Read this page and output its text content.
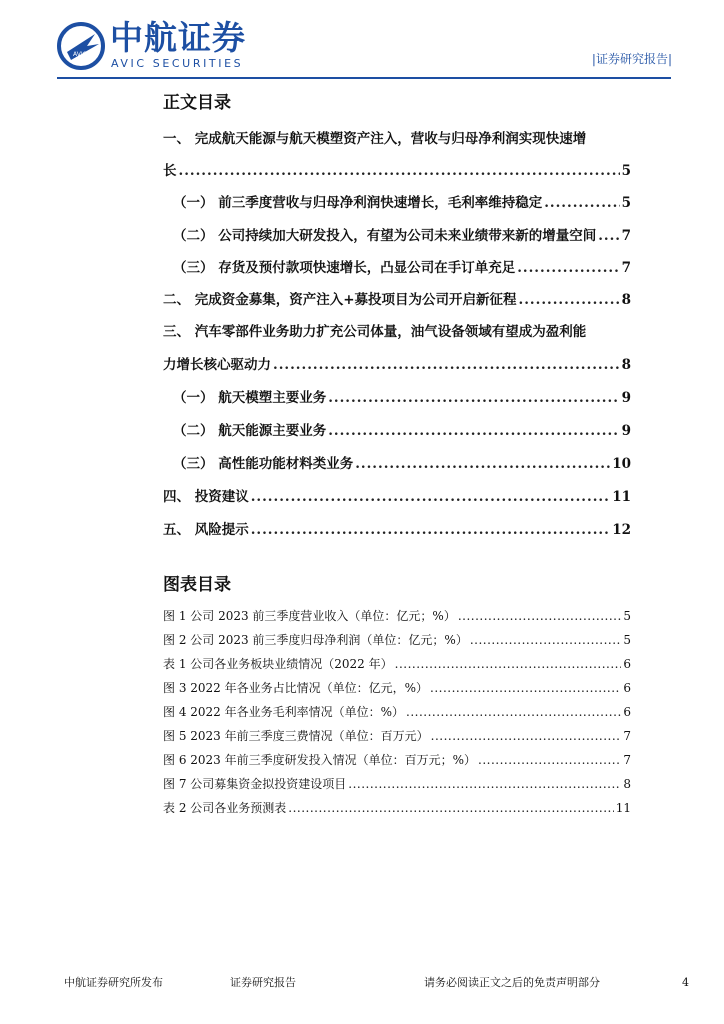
AVIC 中航证券
AVIC SECURITIES	|证券研究报告|
正文目录
一、 完成航天能源与航天模塑资产注入，营收与归母净利润实现快速增
长 .....	5
（一） 前三季度营收与归母净利润快速增长，毛利率维持稳定 .....	5
（二） 公司持续加大研发投入，有望为公司未来业绩带来新的增量空间 ..... 7
（三） 存货及预付款项快速增长，凸显公司在手订单充足 .....	7
二、 完成资金募集，资产注入+募投项目为公司开启新征程 .....	8
三、 汽车零部件业务助力扩充公司体量，油气设备领域有望成为盈利能
力增长核心驱动力 .....	8
（一） 航天模塑主要业务 .....	9
（二） 航天能源主要业务 .....	9
（三） 高性能功能材料类业务 .....	10
四、 投资建议 .....	11
五、 风险提示 .....	12
图表目录
图 1 公司 2023 前三季度营业收入（单位：亿元；%） .....	5
图 2 公司 2023 前三季度归母净利润（单位：亿元；%） .....	5
表 1 公司各业务板块业绩情况（2022 年） .....	6
图 3 2022 年各业务占比情况（单位：亿元，%） .....	6
图 4 2022 年各业务毛利率情况（单位：%） .....	6
图 5 2023 年前三季度三费情况（单位：百万元） .....	7
图 6 2023 年前三季度研发投入情况（单位：百万元；%） .....	7
图 7 公司募集资金拟投资建设项目 .....	8
表 2 公司各业务预测表 .....	11
中航证券研究所发布	证券研究报告	请务必阅读正文之后的免责声明部分	4
